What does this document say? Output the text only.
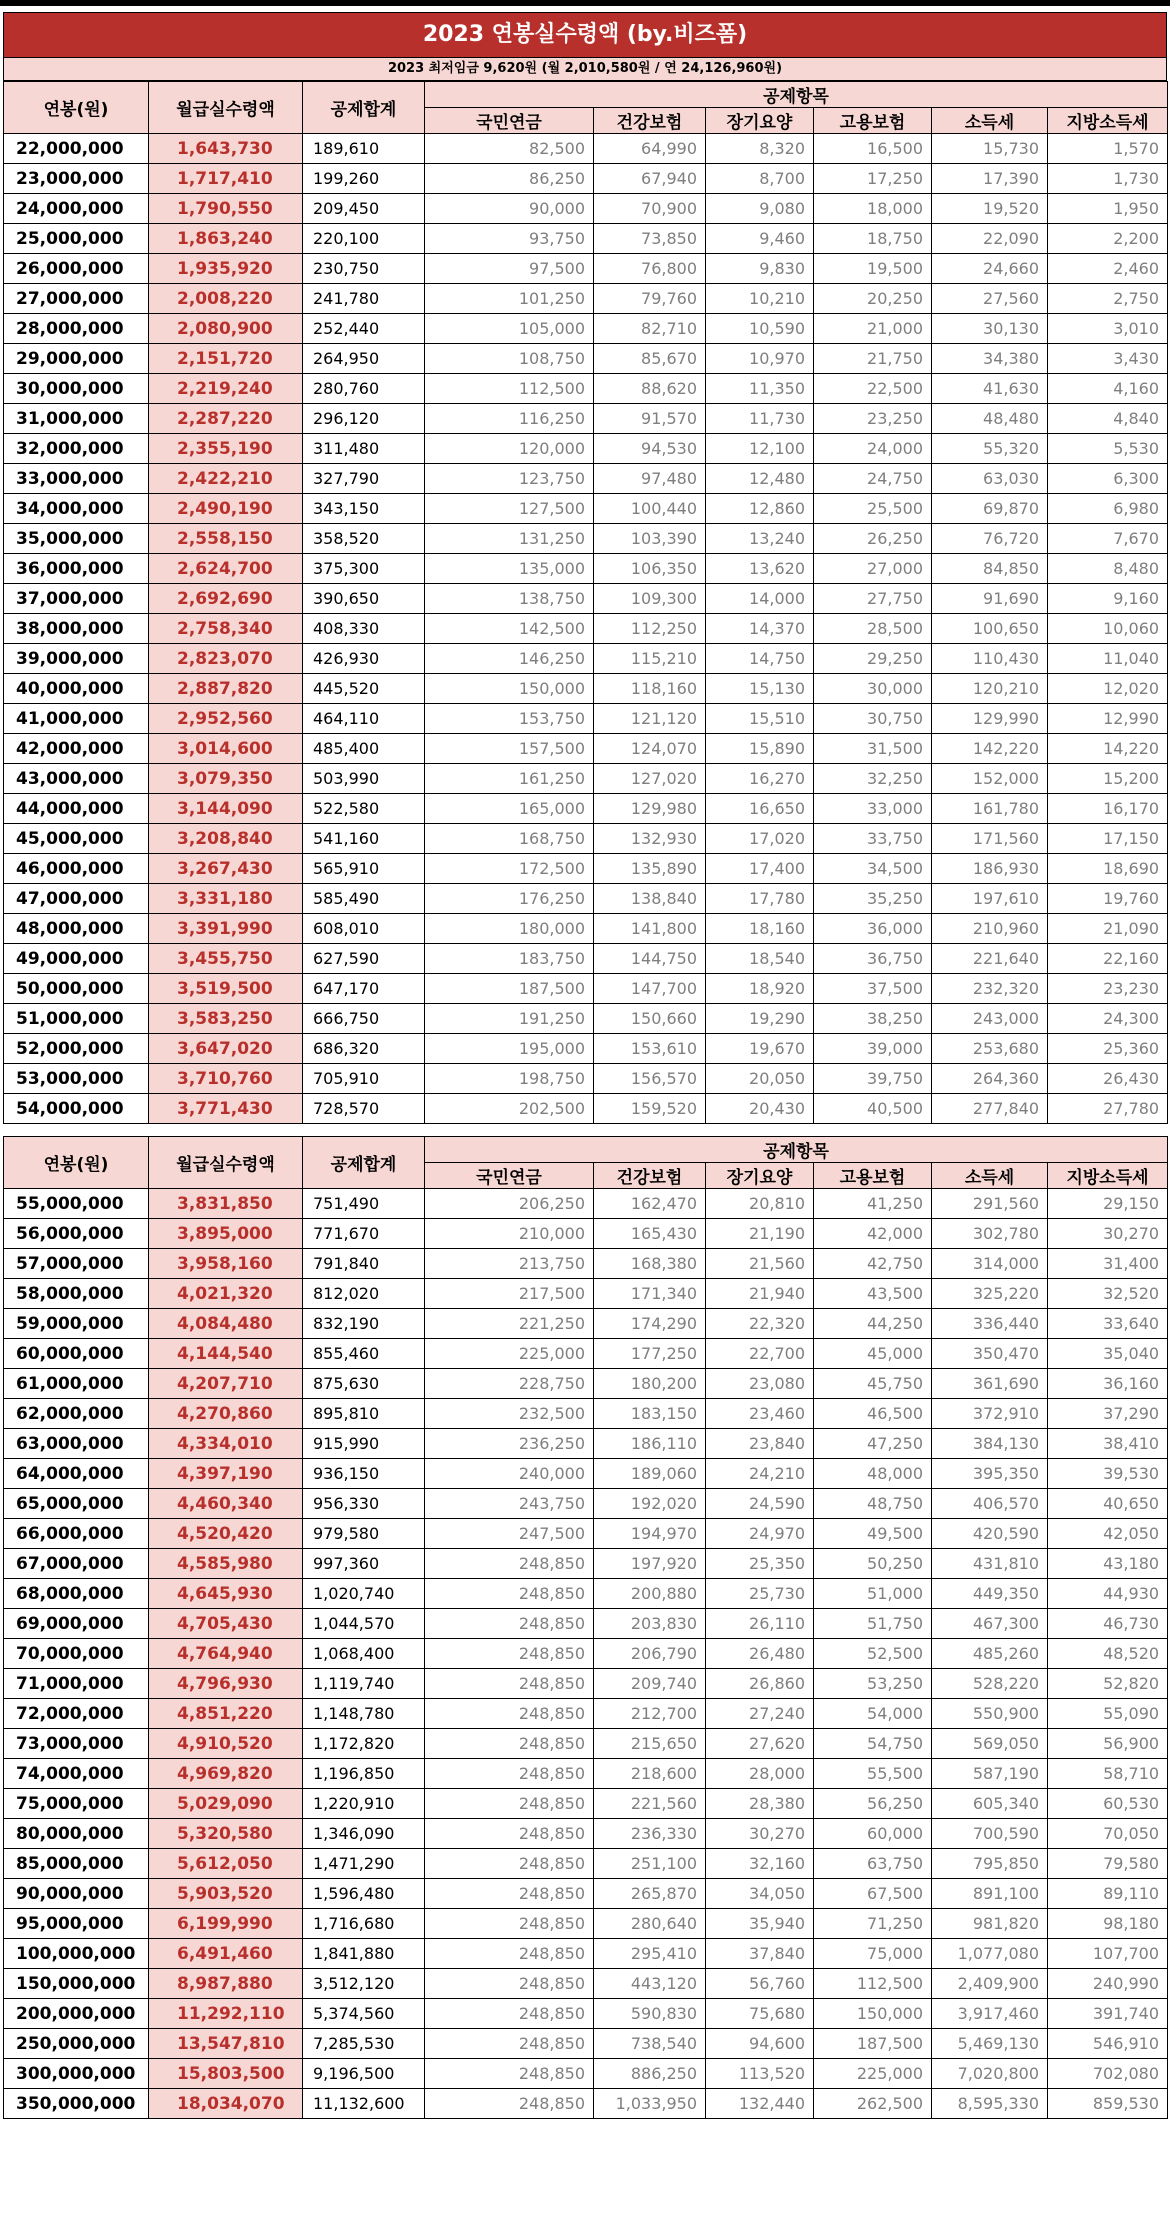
2023 연봉실수령액 (by.비즈폼)
2023 최저임금 9,620원 (월 2,010,580원 / 연 24,126,960원)
연봉(원)	월급실수령액	공제합계	공제항목					
			국민연금	건강보험	장기요양	고용보험	소득세	지방소득세
22,000,000	1,643,730	189,610	82,500	64,990	8,320	16,500	15,730	1,570
23,000,000	1,717,410	199,260	86,250	67,940	8,700	17,250	17,390	1,730
24,000,000	1,790,550	209,450	90,000	70,900	9,080	18,000	19,520	1,950
25,000,000	1,863,240	220,100	93,750	73,850	9,460	18,750	22,090	2,200
26,000,000	1,935,920	230,750	97,500	76,800	9,830	19,500	24,660	2,460
27,000,000	2,008,220	241,780	101,250	79,760	10,210	20,250	27,560	2,750
28,000,000	2,080,900	252,440	105,000	82,710	10,590	21,000	30,130	3,010
29,000,000	2,151,720	264,950	108,750	85,670	10,970	21,750	34,380	3,430
30,000,000	2,219,240	280,760	112,500	88,620	11,350	22,500	41,630	4,160
31,000,000	2,287,220	296,120	116,250	91,570	11,730	23,250	48,480	4,840
32,000,000	2,355,190	311,480	120,000	94,530	12,100	24,000	55,320	5,530
33,000,000	2,422,210	327,790	123,750	97,480	12,480	24,750	63,030	6,300
34,000,000	2,490,190	343,150	127,500	100,440	12,860	25,500	69,870	6,980
35,000,000	2,558,150	358,520	131,250	103,390	13,240	26,250	76,720	7,670
36,000,000	2,624,700	375,300	135,000	106,350	13,620	27,000	84,850	8,480
37,000,000	2,692,690	390,650	138,750	109,300	14,000	27,750	91,690	9,160
38,000,000	2,758,340	408,330	142,500	112,250	14,370	28,500	100,650	10,060
39,000,000	2,823,070	426,930	146,250	115,210	14,750	29,250	110,430	11,040
40,000,000	2,887,820	445,520	150,000	118,160	15,130	30,000	120,210	12,020
41,000,000	2,952,560	464,110	153,750	121,120	15,510	30,750	129,990	12,990
42,000,000	3,014,600	485,400	157,500	124,070	15,890	31,500	142,220	14,220
43,000,000	3,079,350	503,990	161,250	127,020	16,270	32,250	152,000	15,200
44,000,000	3,144,090	522,580	165,000	129,980	16,650	33,000	161,780	16,170
45,000,000	3,208,840	541,160	168,750	132,930	17,020	33,750	171,560	17,150
46,000,000	3,267,430	565,910	172,500	135,890	17,400	34,500	186,930	18,690
47,000,000	3,331,180	585,490	176,250	138,840	17,780	35,250	197,610	19,760
48,000,000	3,391,990	608,010	180,000	141,800	18,160	36,000	210,960	21,090
49,000,000	3,455,750	627,590	183,750	144,750	18,540	36,750	221,640	22,160
50,000,000	3,519,500	647,170	187,500	147,700	18,920	37,500	232,320	23,230
51,000,000	3,583,250	666,750	191,250	150,660	19,290	38,250	243,000	24,300
52,000,000	3,647,020	686,320	195,000	153,610	19,670	39,000	253,680	25,360
53,000,000	3,710,760	705,910	198,750	156,570	20,050	39,750	264,360	26,430
54,000,000	3,771,430	728,570	202,500	159,520	20,430	40,500	277,840	27,780
연봉(원)	월급실수령액	공제합계	공제항목					
			국민연금	건강보험	장기요양	고용보험	소득세	지방소득세
55,000,000	3,831,850	751,490	206,250	162,470	20,810	41,250	291,560	29,150
56,000,000	3,895,000	771,670	210,000	165,430	21,190	42,000	302,780	30,270
57,000,000	3,958,160	791,840	213,750	168,380	21,560	42,750	314,000	31,400
58,000,000	4,021,320	812,020	217,500	171,340	21,940	43,500	325,220	32,520
59,000,000	4,084,480	832,190	221,250	174,290	22,320	44,250	336,440	33,640
60,000,000	4,144,540	855,460	225,000	177,250	22,700	45,000	350,470	35,040
61,000,000	4,207,710	875,630	228,750	180,200	23,080	45,750	361,690	36,160
62,000,000	4,270,860	895,810	232,500	183,150	23,460	46,500	372,910	37,290
63,000,000	4,334,010	915,990	236,250	186,110	23,840	47,250	384,130	38,410
64,000,000	4,397,190	936,150	240,000	189,060	24,210	48,000	395,350	39,530
65,000,000	4,460,340	956,330	243,750	192,020	24,590	48,750	406,570	40,650
66,000,000	4,520,420	979,580	247,500	194,970	24,970	49,500	420,590	42,050
67,000,000	4,585,980	997,360	248,850	197,920	25,350	50,250	431,810	43,180
68,000,000	4,645,930	1,020,740	248,850	200,880	25,730	51,000	449,350	44,930
69,000,000	4,705,430	1,044,570	248,850	203,830	26,110	51,750	467,300	46,730
70,000,000	4,764,940	1,068,400	248,850	206,790	26,480	52,500	485,260	48,520
71,000,000	4,796,930	1,119,740	248,850	209,740	26,860	53,250	528,220	52,820
72,000,000	4,851,220	1,148,780	248,850	212,700	27,240	54,000	550,900	55,090
73,000,000	4,910,520	1,172,820	248,850	215,650	27,620	54,750	569,050	56,900
74,000,000	4,969,820	1,196,850	248,850	218,600	28,000	55,500	587,190	58,710
75,000,000	5,029,090	1,220,910	248,850	221,560	28,380	56,250	605,340	60,530
80,000,000	5,320,580	1,346,090	248,850	236,330	30,270	60,000	700,590	70,050
85,000,000	5,612,050	1,471,290	248,850	251,100	32,160	63,750	795,850	79,580
90,000,000	5,903,520	1,596,480	248,850	265,870	34,050	67,500	891,100	89,110
95,000,000	6,199,990	1,716,680	248,850	280,640	35,940	71,250	981,820	98,180
100,000,000	6,491,460	1,841,880	248,850	295,410	37,840	75,000	1,077,080	107,700
150,000,000	8,987,880	3,512,120	248,850	443,120	56,760	112,500	2,409,900	240,990
200,000,000	11,292,110	5,374,560	248,850	590,830	75,680	150,000	3,917,460	391,740
250,000,000	13,547,810	7,285,530	248,850	738,540	94,600	187,500	5,469,130	546,910
300,000,000	15,803,500	9,196,500	248,850	886,250	113,520	225,000	7,020,800	702,080
350,000,000	18,034,070	11,132,600	248,850	1,033,950	132,440	262,500	8,595,330	859,530
